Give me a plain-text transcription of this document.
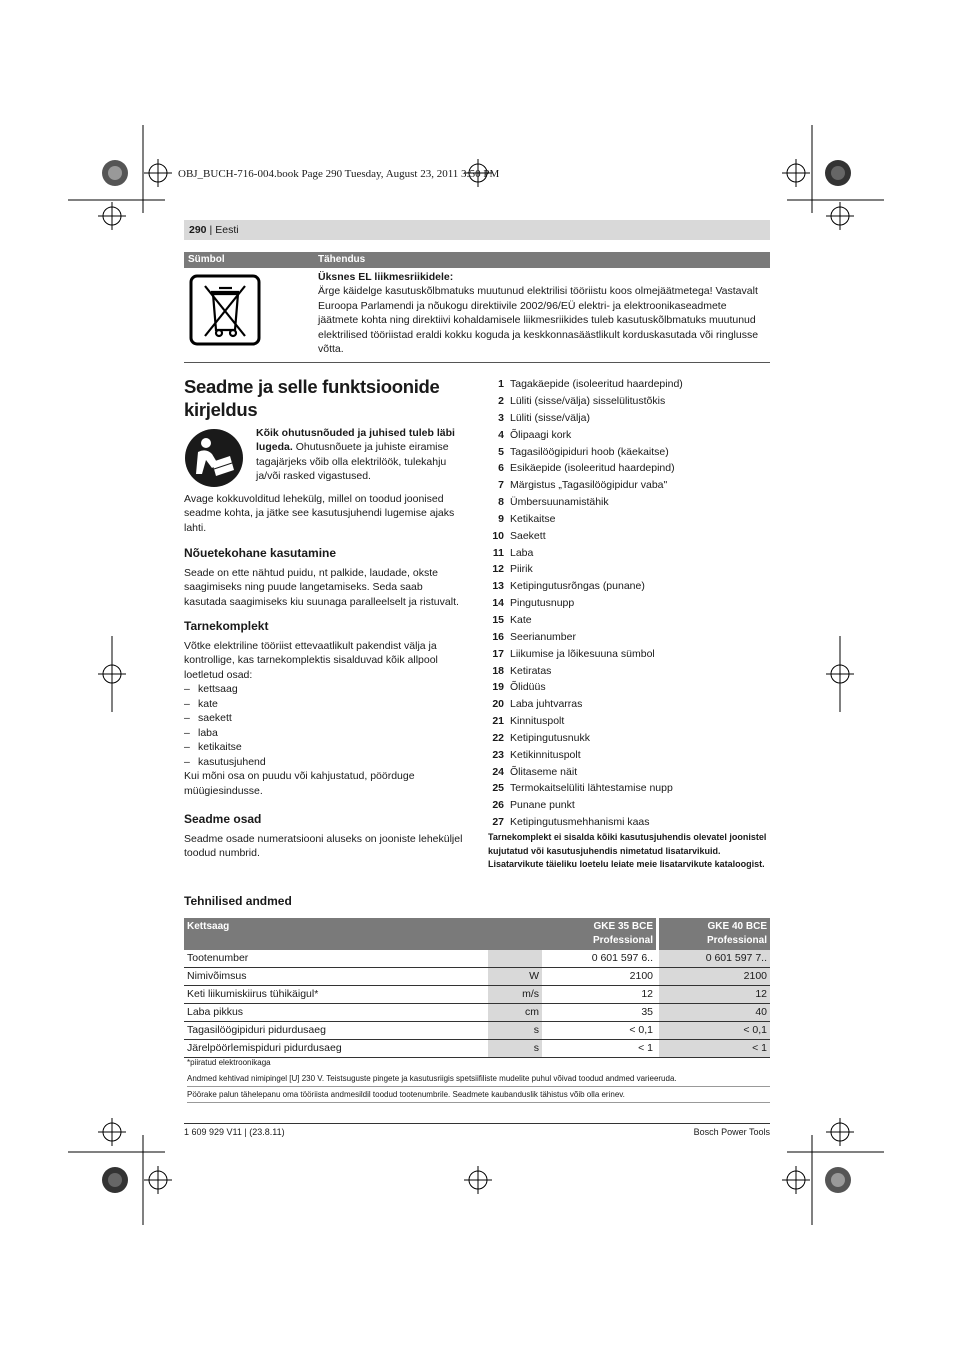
OBJ_BUCH-716-004.book Page 290 Tuesday, August 23, 2011 3:50 PM
290 | Eesti
Sümbol	Tähendus
Üksnes EL liikmesriikidele:
Ärge käidelge kasutuskõlbmatuks muutunud elektrilisi tööriistu koos olmejäätmetega! Vastavalt Euroopa Parlamendi ja nõukogu direktiivile 2002/96/EÜ elektri- ja elektroonikaseadmete jäätmete kohta ning direktiivi kohaldamisele liikmesriikides tuleb kasutuskõlbmatuks muutunud elektrilised tööriistad eraldi kokku koguda ja keskkonnasäästlikult korduskasutada või ringlusse võtta.
Seadme ja selle funktsioonide kirjeldus
Kõik ohutusnõuded ja juhised tuleb läbi lugeda. Ohutusnõuete ja juhiste eiramise tagajärjeks võib olla elektrilöök, tulekahju ja/või rasked vigastused.
Avage kokkuvolditud lehekülg, millel on toodud joonised seadme kohta, ja jätke see kasutusjuhendi lugemise ajaks lahti.
Nõuetekohane kasutamine
Seade on ette nähtud puidu, nt palkide, laudade, okste saagimiseks ning puude langetamiseks. Seda saab kasutada saagimiseks kiu suunaga paralleelselt ja ristuvalt.
Tarnekomplekt
Võtke elektriline tööriist ettevaatlikult pakendist välja ja kontrollige, kas tarnekomplektis sisalduvad kõik allpool loetletud osad:
– kettsaag
– kate
– saekett
– laba
– ketikaitse
– kasutusjuhend
Kui mõni osa on puudu või kahjustatud, pöörduge müügiesindusse.
Seadme osad
Seadme osade numeratsiooni aluseks on jooniste leheküljel toodud numbrid.
1 Tagakäepide (isoleeritud haardepind)
2 Lüliti (sisse/välja) sisselülitustõkis
3 Lüliti (sisse/välja)
4 Õlipaagi kork
5 Tagasilöögipiduri hoob (käekaitse)
6 Esikäepide (isoleeritud haardepind)
7 Märgistus „Tagasilöögipidur vaba"
8 Ümbersuunamistähik
9 Ketikaitse
10 Saekett
11 Laba
12 Piirik
13 Ketipingutusrõngas (punane)
14 Pingutusnupp
15 Kate
16 Seerianumber
17 Liikumise ja lõikesuuna sümbol
18 Ketiratas
19 Õlidüüs
20 Laba juhtvarras
21 Kinnituspolt
22 Ketipingutusnukk
23 Ketikinnituspolt
24 Õlitaseme näit
25 Termokaitselüliti lähtestamise nupp
26 Punane punkt
27 Ketipingutusmehhanismi kaas
Tarnekomplekt ei sisalda kõiki kasutusjuhendis olevatel joonistel kujutatud või kasutusjuhendis nimetatud lisatarvikuid. Lisatarvikute täieliku loetelu leiate meie lisatarvikute kataloogist.
Tehnilised andmed
Kettsaag		GKE 35 BCE Professional		GKE 40 BCE Professional
Tootenumber		0 601 597 6..		0 601 597 7..
Nimivõimsus	W	2100		2100
Keti liikumiskiirus tühikäigul*	m/s	12		12
Laba pikkus	cm	35		40
Tagasilöögipiduri pidurdusaeg	s	< 0,1		< 0,1
Järelpöörlemispiduri pidurdusaeg	s	< 1		< 1
*piiratud elektroonikaga
Andmed kehtivad nimipingel [U] 230 V. Teistsuguste pingete ja kasutusriigis spetsiifiliste mudelite puhul võivad toodud andmed varieeruda.
Pöörake palun tähelepanu oma tööriista andmesildil toodud tootenumbrile. Seadmete kaubanduslik tähistus võib olla erinev.
1 609 929 V11 | (23.8.11)	Bosch Power Tools
